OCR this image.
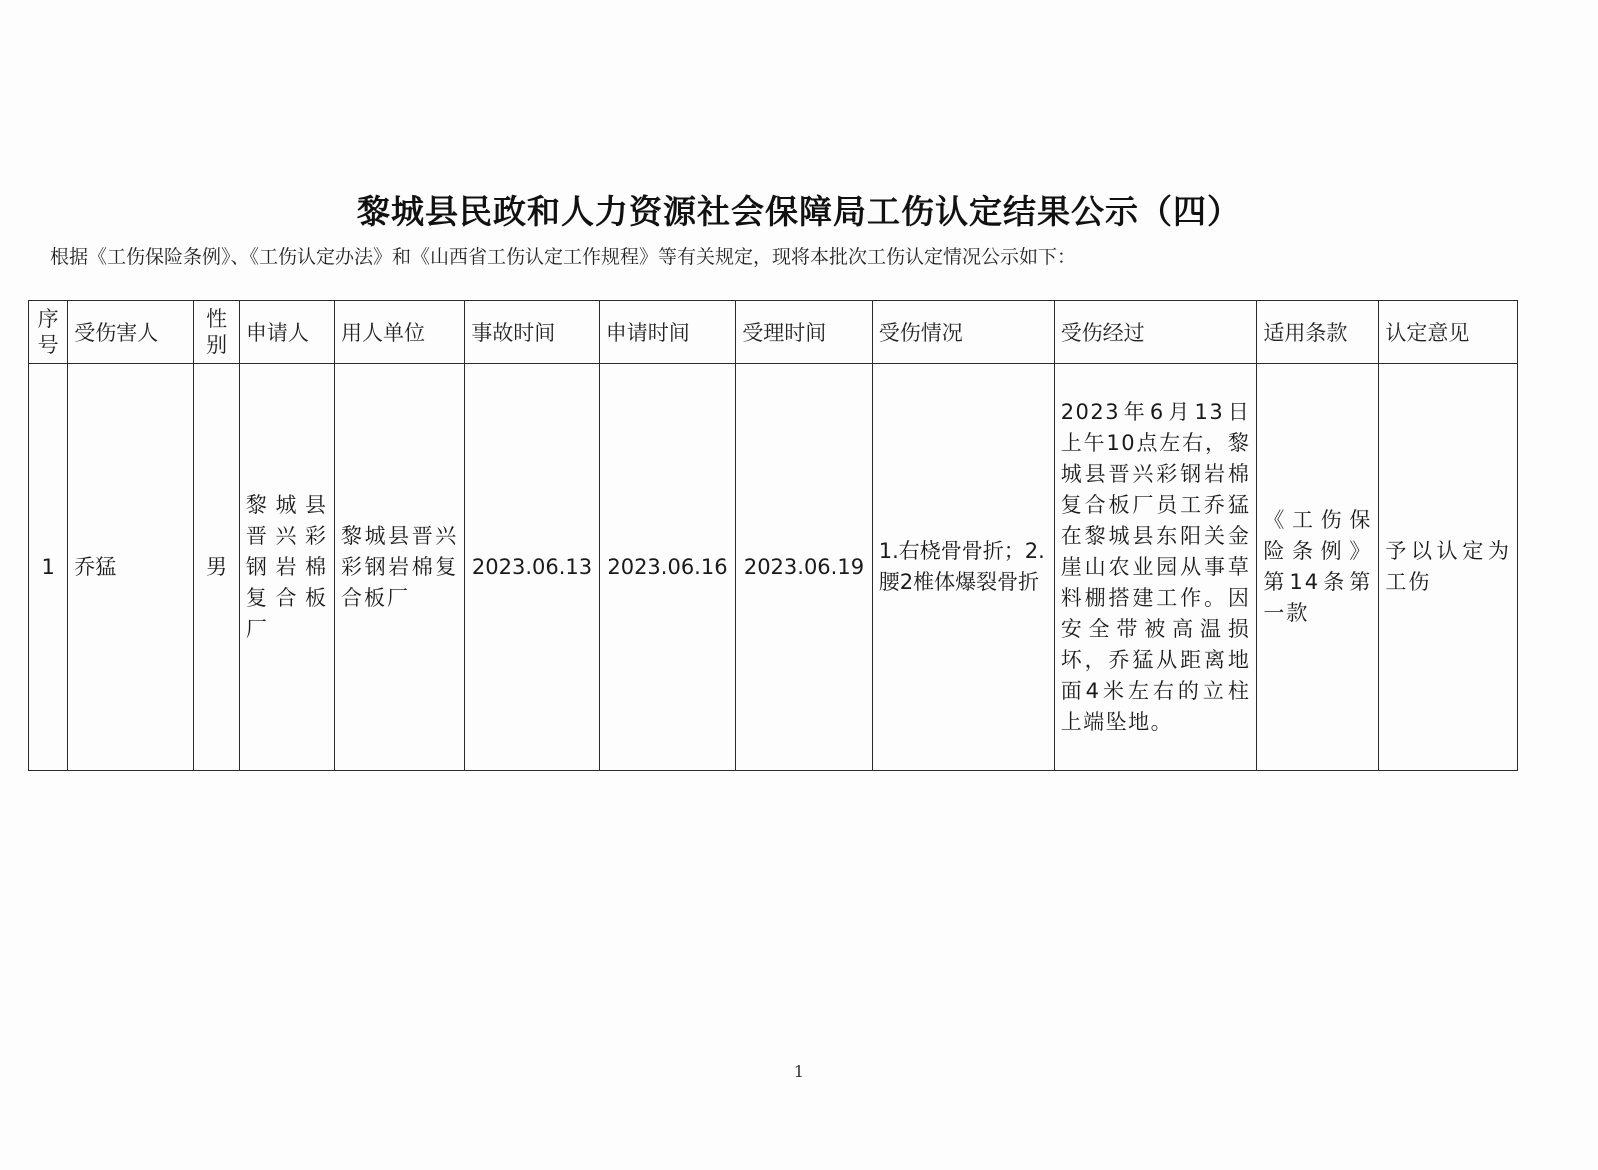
黎城县民政和人力资源社会保障局工伤认定结果公示（四）
根据《工伤保险条例》、《工伤认定办法》和《山西省工伤认定工作规程》等有关规定，现将本批次工伤认定情况公示如下：
序号	受伤害人	性别	申请人	用人单位	事故时间	申请时间	受理时间	受伤情况	受伤经过	适用条款	认定意见
1	乔猛	男	黎城县晋兴彩钢岩棉复合板厂	黎城县晋兴彩钢岩棉复合板厂	2023.06.13	2023.06.16	2023.06.19	1.右桡骨骨折；2.腰2椎体爆裂骨折	2023年6月13日上午10点左右，黎城县晋兴彩钢岩棉复合板厂员工乔猛在黎城县东阳关金崖山农业园从事草料棚搭建工作。因安全带被高温损坏，乔猛从距离地面4米左右的立柱上端坠地。	《工伤保险条例》第14条第一款	予以认定为工伤
1
